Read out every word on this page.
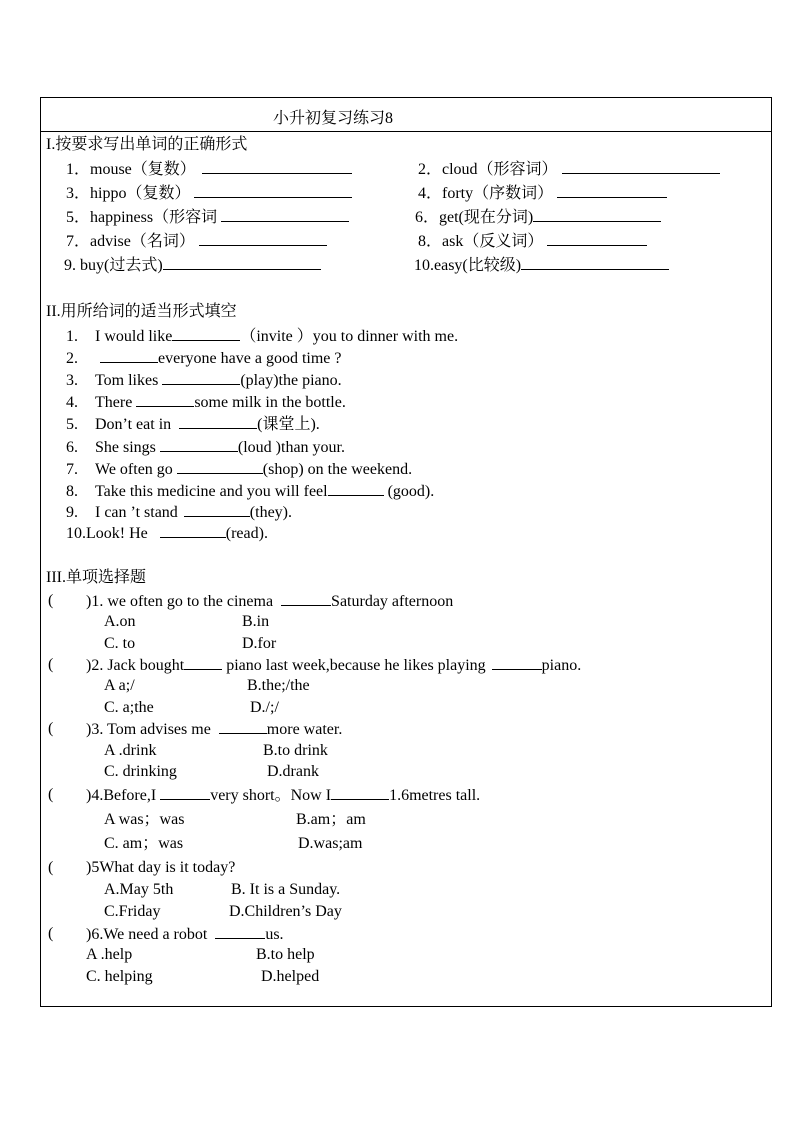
小升初复习练习8
I.按要求写出单词的正确形式
1．mouse（复数）	2．cloud（形容词）
3．hippo（复数）	4．forty（序数词）
5．happiness（形容词	6．get(现在分词)
7．advise（名词）	8．ask（反义词）
9. buy(过去式)	10.easy(比较级)
II.用所给词的适当形式填空
1. I would like	（invite ）you to dinner with me.
2.	everyone have a good time ?
3. Tom likes	(play)the piano.
4. There	some milk in the bottle.
5. Don’t eat in	(课堂上).
6. She sings	(loud )than your.
7. We often go	(shop) on the weekend.
8. Take this medicine and you will feel	(good).
9. I can ’t stand	(they).
10.Look! He	(read).
III.单项选择题
( )1. we often go to the cinema	Saturday afternoon
A.on	B.in
C. to	D.for
( )2. Jack bought	piano last week,because he likes playing	piano.
A a;/	B.the;/the
C. a;the	D./;/
( )3. Tom advises me	more water.
A .drink	B.to drink
C. drinking	D.drank
( )4.Before,I	very short。Now I	1.6metres tall.
A was；was	B.am；am
C. am；was	D.was;am
( )5What day is it today?
A.May 5th	B. It is a Sunday.
C.Friday	D.Children’s Day
( )6.We need a robot	us.
A .help	B.to help
C. helping	D.helped
